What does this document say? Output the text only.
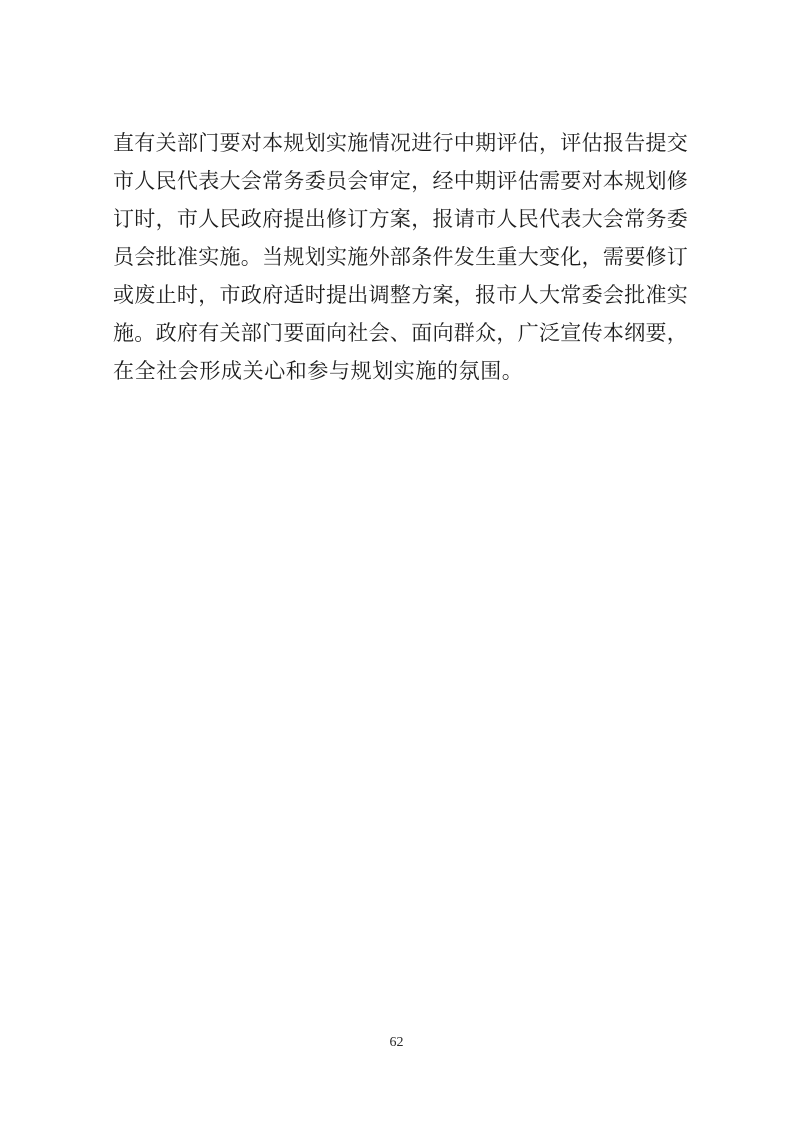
直有关部门要对本规划实施情况进行中期评估，评估报告提交
市人民代表大会常务委员会审定，经中期评估需要对本规划修
订时，市人民政府提出修订方案，报请市人民代表大会常务委
员会批准实施。当规划实施外部条件发生重大变化，需要修订
或废止时，市政府适时提出调整方案，报市人大常委会批准实
施。政府有关部门要面向社会、面向群众，广泛宣传本纲要，
在全社会形成关心和参与规划实施的氛围。
62
